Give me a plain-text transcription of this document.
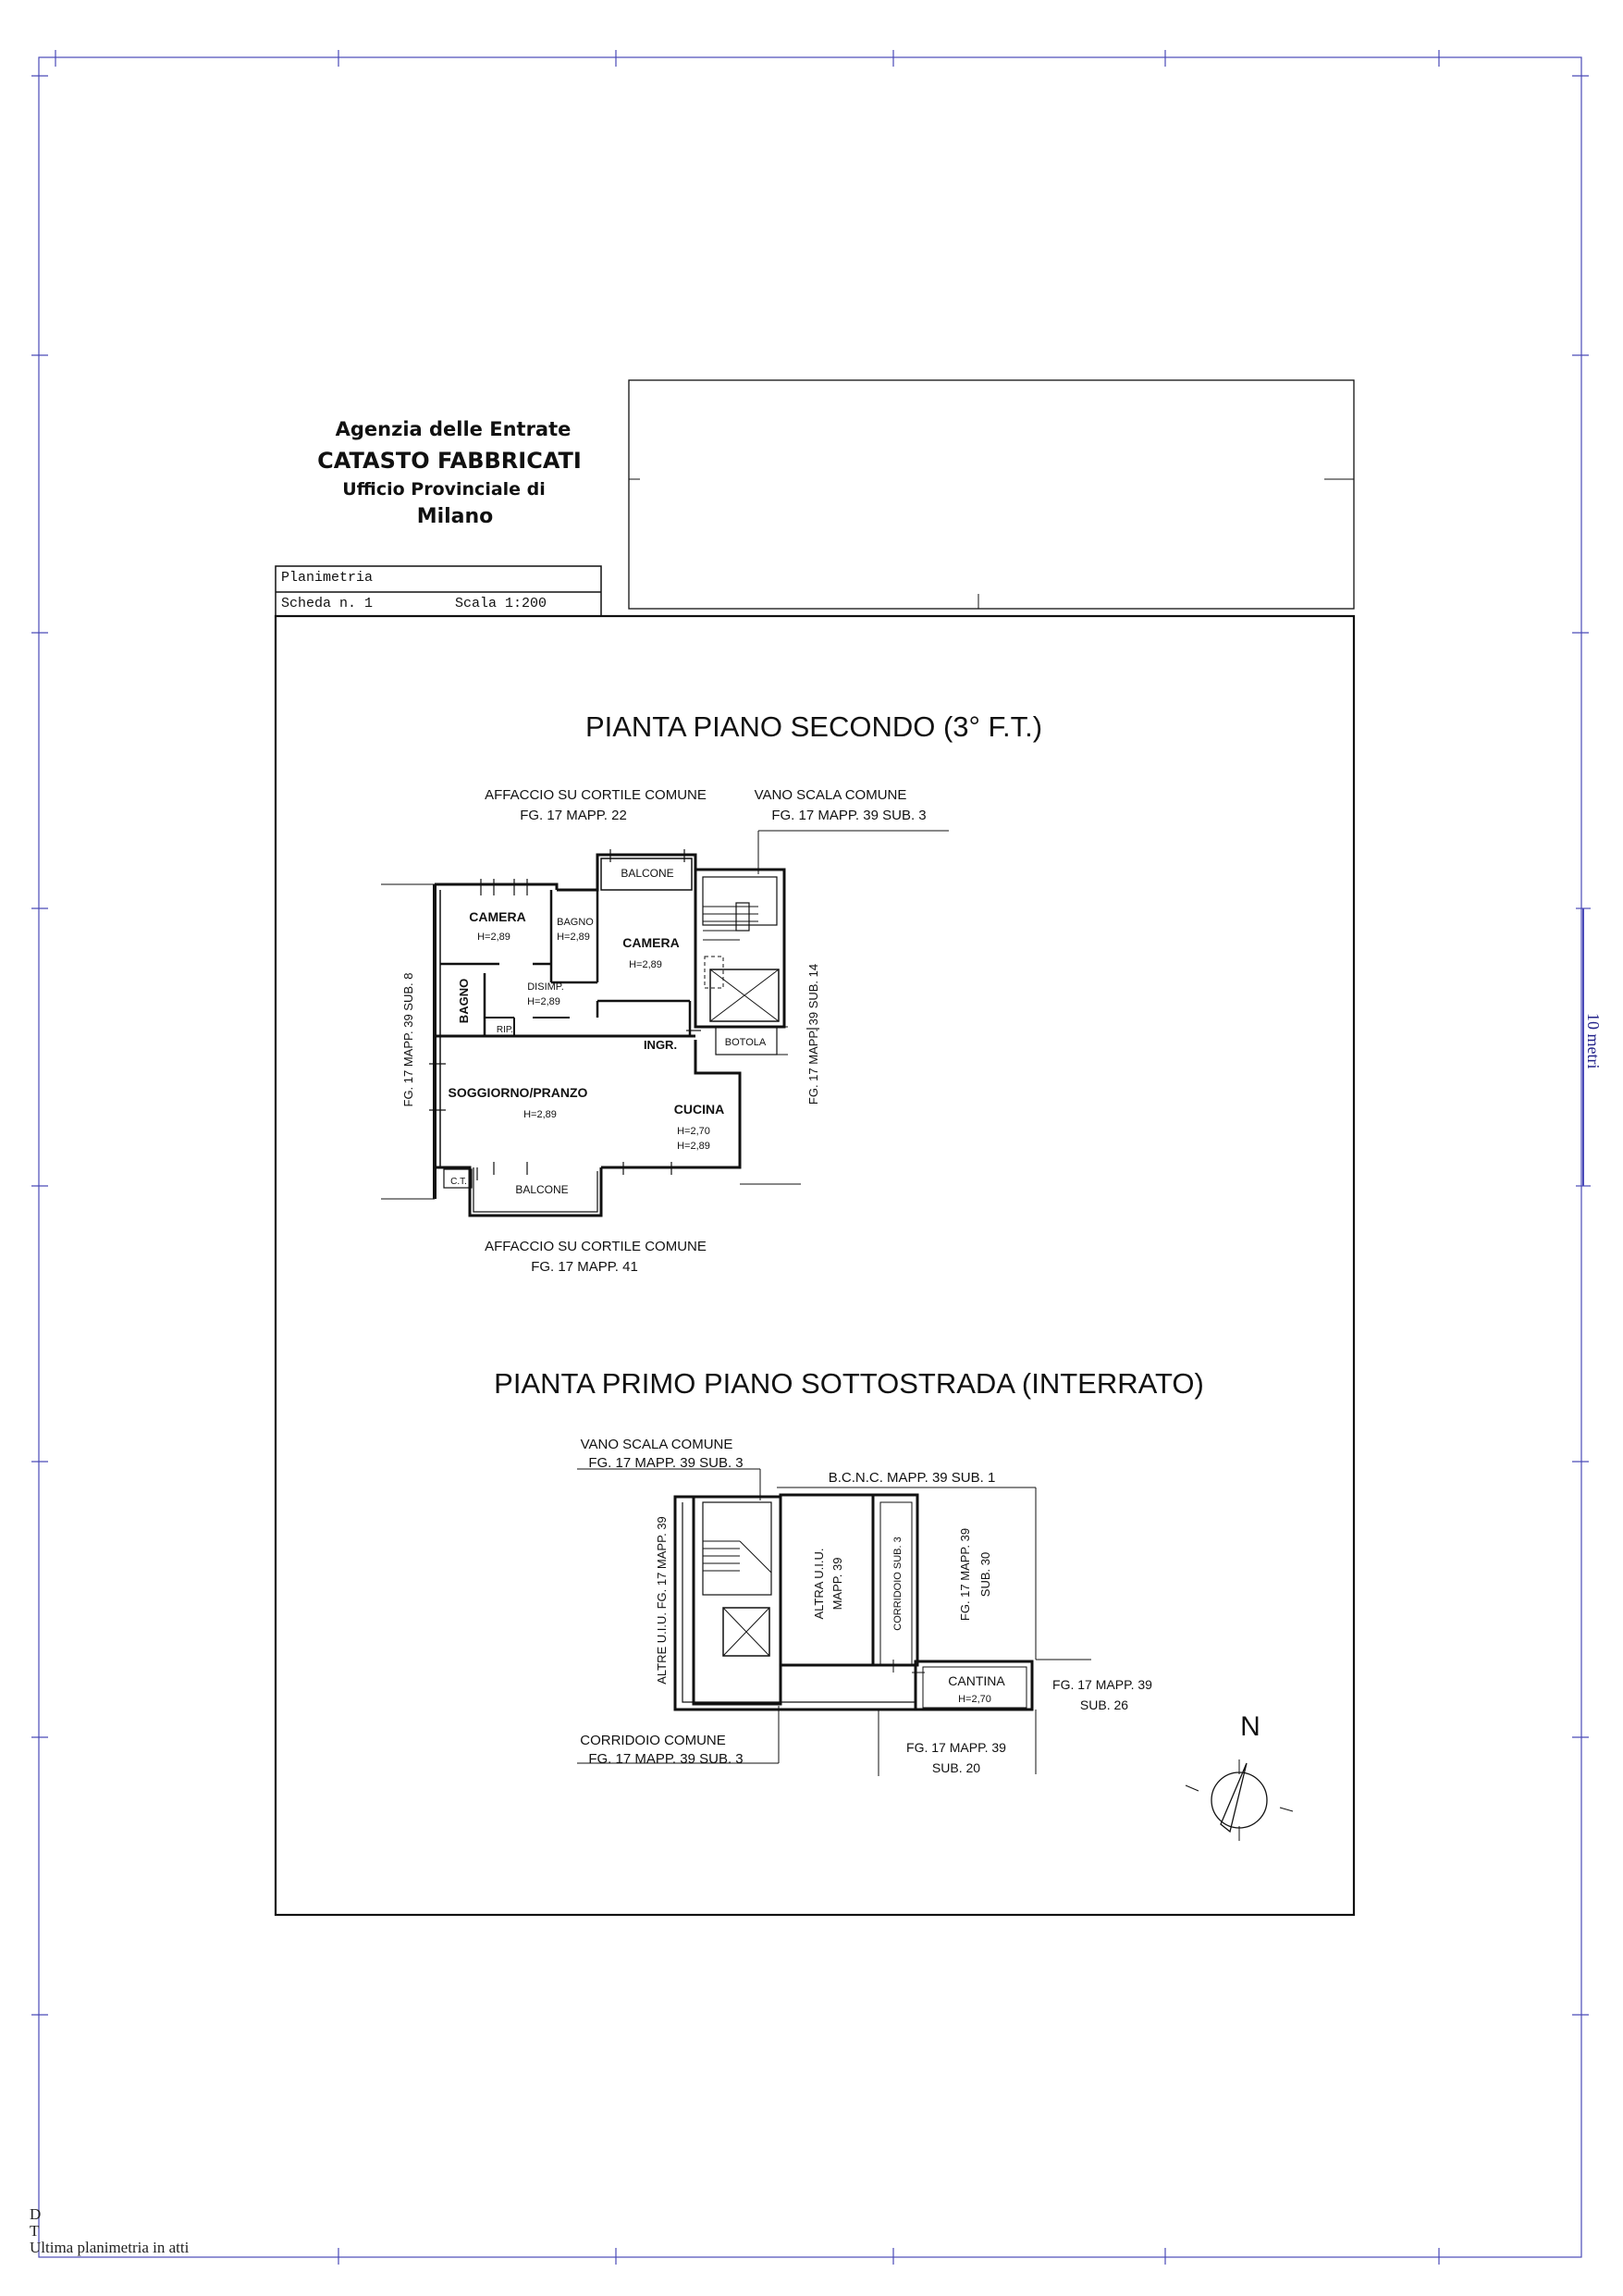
10 metri
Agenzia delle Entrate
CATASTO FABBRICATI
Ufficio Provinciale di
Milano
PIANTA PIANO SECONDO (3° F.T.)
AFFACCIO SU CORTILE COMUNE
FG. 17 MAPP. 22
VANO SCALA COMUNE
FG. 17 MAPP. 39 SUB. 3
AFFACCIO SU CORTILE COMUNE
FG. 17 MAPP. 41
FG. 17 MAPP. 39 SUB. 8	FG. 17 MAPP. 39 SUB. 14
BALCONE
CAMERA
H=2,89
BAGNO
H=2,89	CAMERA
H=2,89
BAGNO	DISIMP.
H=2,89
RIP.
INGR.	BOTOLA
SOGGIORNO/PRANZO
H=2,89	CUCINA
H=2,70
H=2,89
C.T.
BALCONE
PIANTA PRIMO PIANO SOTTOSTRADA (INTERRATO)
VANO SCALA COMUNE
FG. 17 MAPP. 39 SUB. 3
B.C.N.C. MAPP. 39 SUB. 1
ALTRE U.I.U. FG. 17 MAPP. 39	ALTRA U.I.U. MAPP. 39	CORRIDOIO SUB. 3	FG. 17 MAPP. 39 SUB. 30
CANTINA
H=2,70
FG. 17 MAPP. 39
SUB. 26
FG. 17 MAPP. 39
SUB. 20
CORRIDOIO COMUNE
FG. 17 MAPP. 39 SUB. 3
N
Planimetria
Scheda n. 1	Scala 1:200
D
T
Ultima planimetria in atti
